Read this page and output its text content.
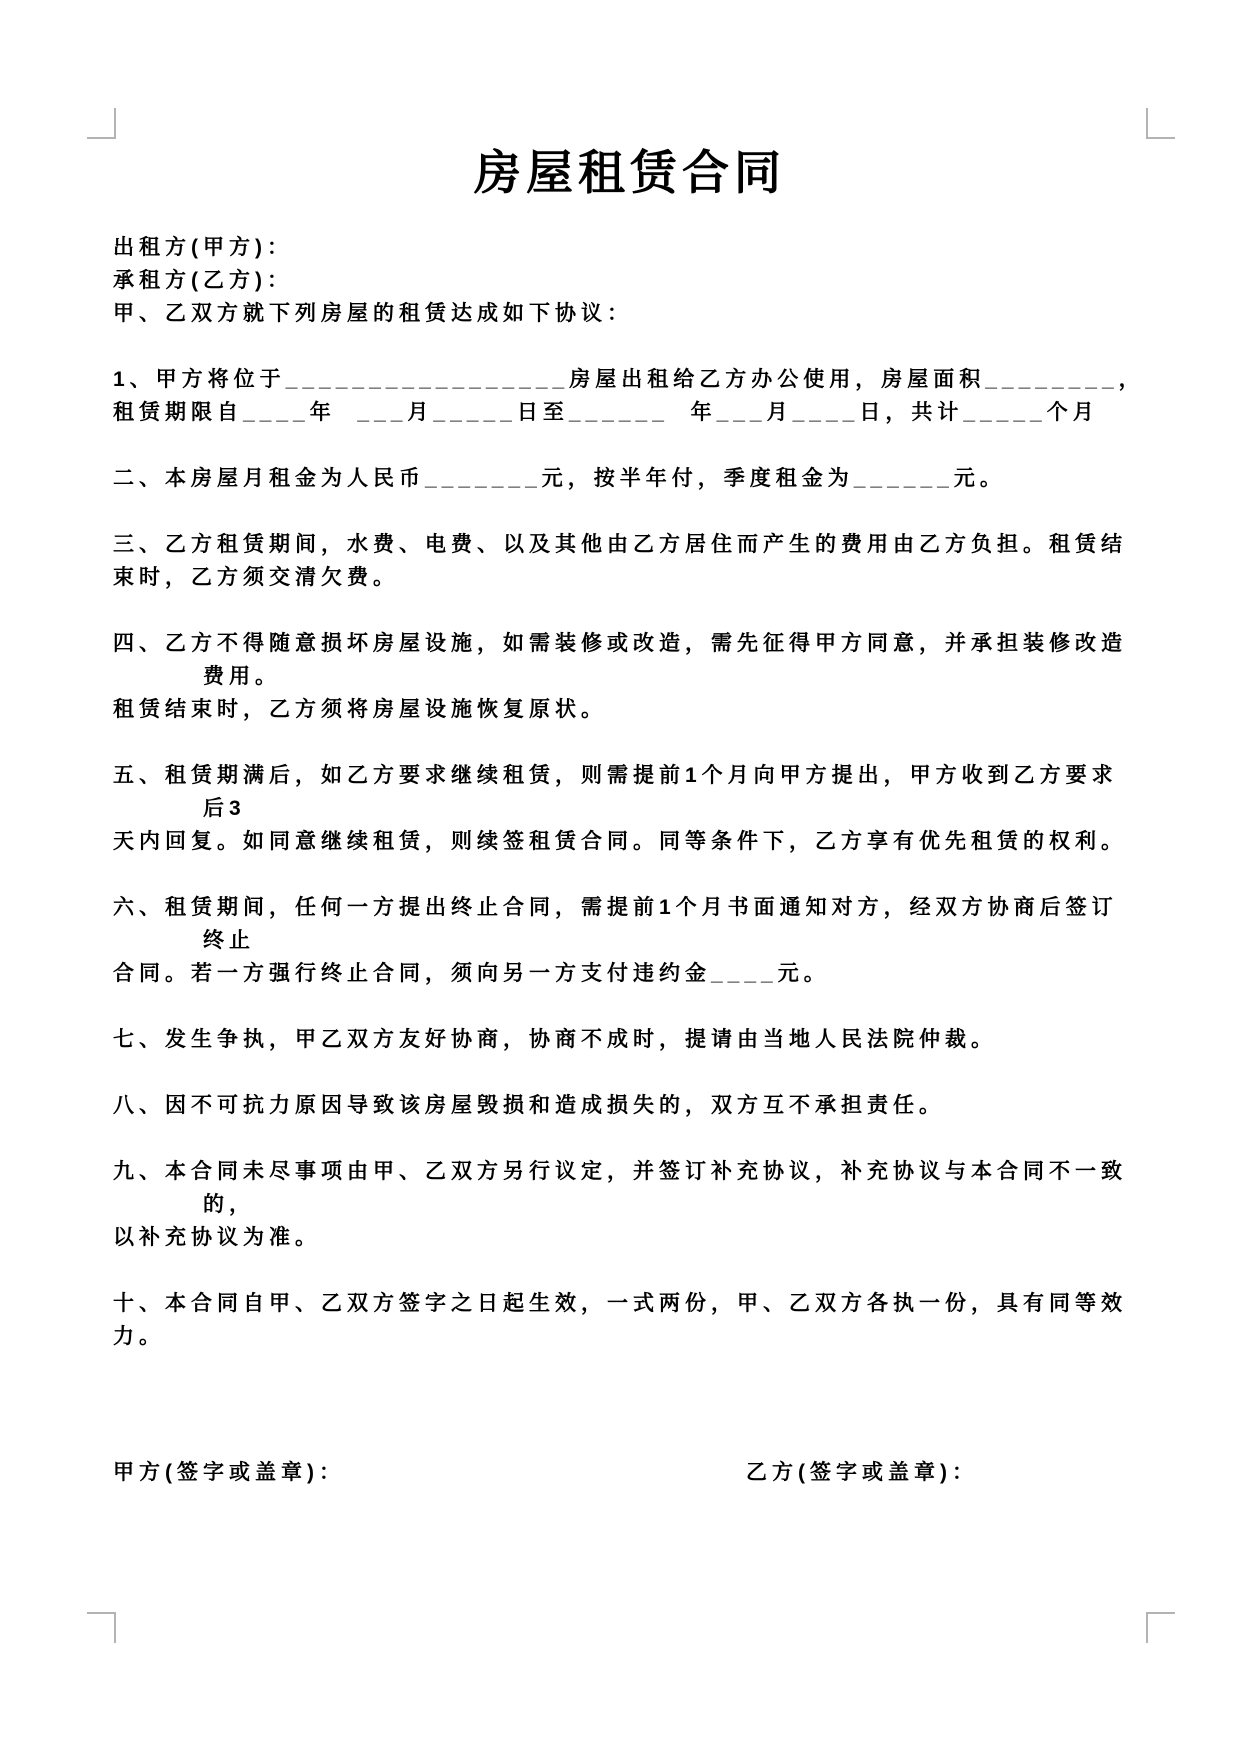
房屋租赁合同
出租方(甲方)：
承租方(乙方)：
甲、乙双方就下列房屋的租赁达成如下协议：
1、甲方将位于_________________房屋出租给乙方办公使用，房屋面积________，
租赁期限自____年  ___月_____日至______  年___月____日，共计_____个月
二、本房屋月租金为人民币_______元，按半年付，季度租金为______元。
三、乙方租赁期间，水费、电费、以及其他由乙方居住而产生的费用由乙方负担。租赁结
束时，乙方须交清欠费。
四、乙方不得随意损坏房屋设施，如需装修或改造，需先征得甲方同意，并承担装修改造
费用。
租赁结束时，乙方须将房屋设施恢复原状。
五、租赁期满后，如乙方要求继续租赁，则需提前1个月向甲方提出，甲方收到乙方要求
后3
天内回复。如同意继续租赁，则续签租赁合同。同等条件下，乙方享有优先租赁的权利。
六、租赁期间，任何一方提出终止合同，需提前1个月书面通知对方，经双方协商后签订
终止
合同。若一方强行终止合同，须向另一方支付违约金____元。
七、发生争执，甲乙双方友好协商，协商不成时，提请由当地人民法院仲裁。
八、因不可抗力原因导致该房屋毁损和造成损失的，双方互不承担责任。
九、本合同未尽事项由甲、乙双方另行议定，并签订补充协议，补充协议与本合同不一致
的，
以补充协议为准。
十、本合同自甲、乙双方签字之日起生效，一式两份，甲、乙双方各执一份，具有同等效
力。
甲方(签字或盖章)：	乙方(签字或盖章)：
